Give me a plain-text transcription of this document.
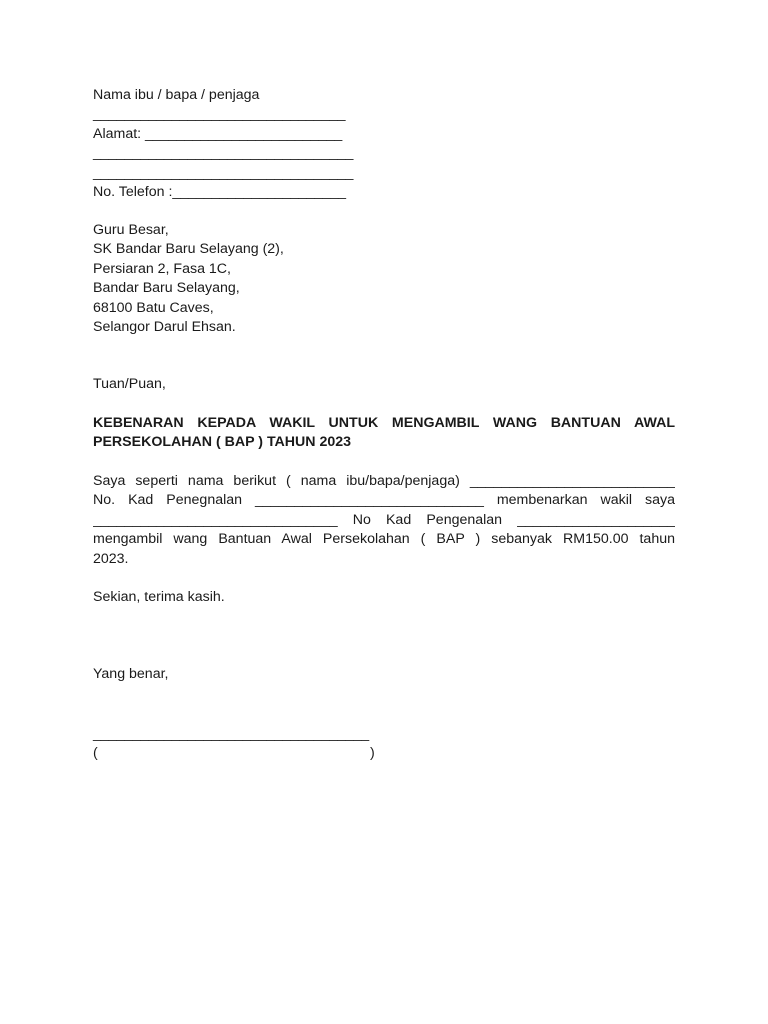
Nama ibu / bapa / penjaga
________________________________
Alamat: _________________________
_________________________________
_________________________________
No. Telefon :______________________
Guru Besar,
SK Bandar Baru Selayang (2),
Persiaran 2, Fasa 1C,
Bandar Baru Selayang,
68100 Batu Caves,
Selangor Darul Ehsan.
Tuan/Puan,
KEBENARAN KEPADA WAKIL UNTUK MENGAMBIL WANG BANTUAN AWAL
PERSEKOLAHAN ( BAP ) TAHUN 2023
Saya seperti nama berikut ( nama ibu/bapa/penjaga) __________________________
No. Kad Penegnalan _____________________________ membenarkan wakil saya
_______________________________ No Kad Pengenalan ____________________
mengambil wang Bantuan Awal Persekolahan ( BAP ) sebanyak RM150.00 tahun
2023.
Sekian, terima kasih.
Yang benar,
___________________________________
(	)
